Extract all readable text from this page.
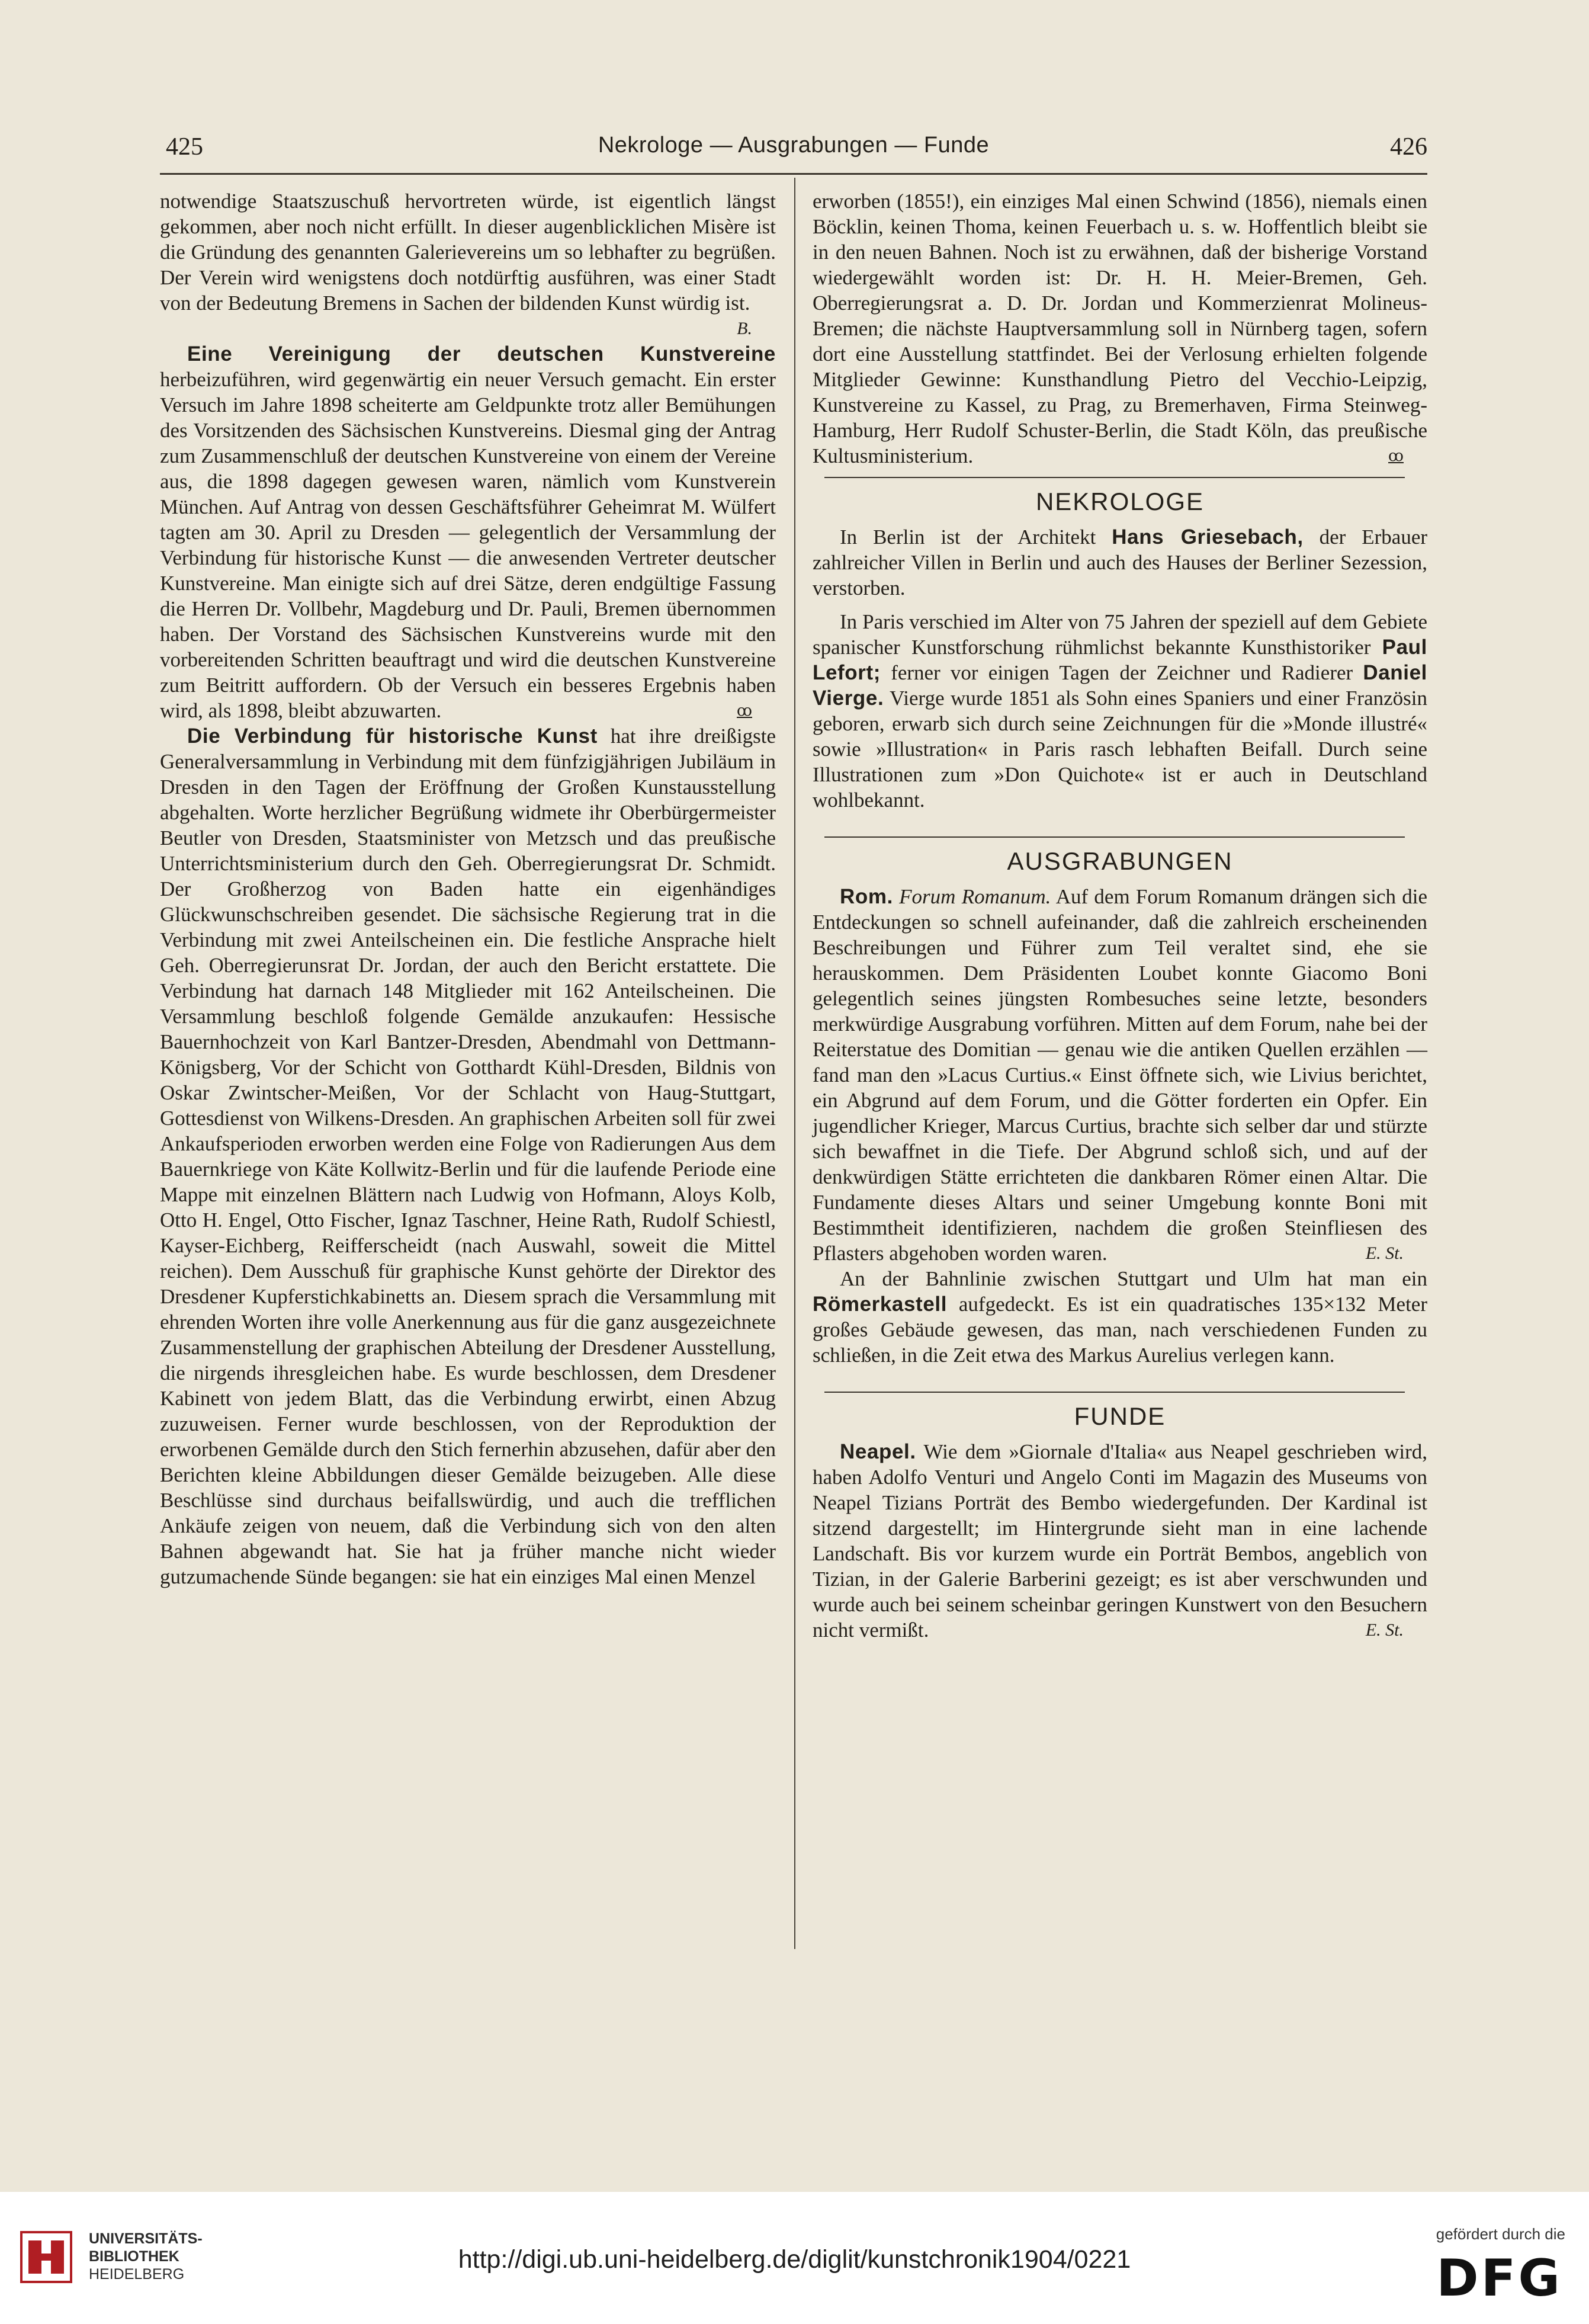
425	Nekrologe — Ausgrabungen — Funde	426

notwendige Staatszuschuß hervortreten würde, ist eigentlich längst gekommen, aber noch nicht erfüllt. In dieser augenblicklichen Misère ist die Gründung des genannten Galerievereins um so lebhafter zu begrüßen. Der Verein wird wenigstens doch notdürftig ausführen, was einer Stadt von der Bedeutung Bremens in Sachen der bildenden Kunst würdig ist.
B.

Eine Vereinigung der deutschen Kunstvereine herbeizuführen, wird gegenwärtig ein neuer Versuch gemacht. Ein erster Versuch im Jahre 1898 scheiterte am Geldpunkte trotz aller Bemühungen des Vorsitzenden des Sächsischen Kunstvereins. Diesmal ging der Antrag zum Zusammenschluß der deutschen Kunstvereine von einem der Vereine aus, die 1898 dagegen gewesen waren, nämlich vom Kunstverein München. Auf Antrag von dessen Geschäftsführer Geheimrat M. Wülfert tagten am 30. April zu Dresden — gelegentlich der Versammlung der Verbindung für historische Kunst — die anwesenden Vertreter deutscher Kunstvereine. Man einigte sich auf drei Sätze, deren endgültige Fassung die Herren Dr. Vollbehr, Magdeburg und Dr. Pauli, Bremen übernommen haben. Der Vorstand des Sächsischen Kunstvereins wurde mit den vorbereitenden Schritten beauftragt und wird die deutschen Kunstvereine zum Beitritt auffordern. Ob der Versuch ein besseres Ergebnis haben wird, als 1898, bleibt abzuwarten.	ꝏ

Die Verbindung für historische Kunst hat ihre dreißigste Generalversammlung in Verbindung mit dem fünfzigjährigen Jubiläum in Dresden in den Tagen der Eröffnung der Großen Kunstausstellung abgehalten. Worte herzlicher Begrüßung widmete ihr Oberbürgermeister Beutler von Dresden, Staatsminister von Metzsch und das preußische Unterrichtsministerium durch den Geh. Oberregierungsrat Dr. Schmidt. Der Großherzog von Baden hatte ein eigenhändiges Glückwunschschreiben gesendet. Die sächsische Regierung trat in die Verbindung mit zwei Anteilscheinen ein. Die festliche Ansprache hielt Geh. Oberregierunsrat Dr. Jordan, der auch den Bericht erstattete. Die Verbindung hat darnach 148 Mitglieder mit 162 Anteilscheinen. Die Versammlung beschloß folgende Gemälde anzukaufen: Hessische Bauernhochzeit von Karl Bantzer-Dresden, Abendmahl von Dettmann-Königsberg, Vor der Schicht von Gotthardt Kühl-Dresden, Bildnis von Oskar Zwintscher-Meißen, Vor der Schlacht von Haug-Stuttgart, Gottesdienst von Wilkens-Dresden. An graphischen Arbeiten soll für zwei Ankaufsperioden erworben werden eine Folge von Radierungen Aus dem Bauernkriege von Käte Kollwitz-Berlin und für die laufende Periode eine Mappe mit einzelnen Blättern nach Ludwig von Hofmann, Aloys Kolb, Otto H. Engel, Otto Fischer, Ignaz Taschner, Heine Rath, Rudolf Schiestl, Kayser-Eichberg, Reifferscheidt (nach Auswahl, soweit die Mittel reichen). Dem Ausschuß für graphische Kunst gehörte der Direktor des Dresdener Kupferstichkabinetts an. Diesem sprach die Versammlung mit ehrenden Worten ihre volle Anerkennung aus für die ganz ausgezeichnete Zusammenstellung der graphischen Abteilung der Dresdener Ausstellung, die nirgends ihresgleichen habe. Es wurde beschlossen, dem Dresdener Kabinett von jedem Blatt, das die Verbindung erwirbt, einen Abzug zuzuweisen. Ferner wurde beschlossen, von der Reproduktion der erworbenen Gemälde durch den Stich fernerhin abzusehen, dafür aber den Berichten kleine Abbildungen dieser Gemälde beizugeben. Alle diese Beschlüsse sind durchaus beifallswürdig, und auch die trefflichen Ankäufe zeigen von neuem, daß die Verbindung sich von den alten Bahnen abgewandt hat. Sie hat ja früher manche nicht wieder gutzumachende Sünde begangen: sie hat ein einziges Mal einen Menzel

erworben (1855!), ein einziges Mal einen Schwind (1856), niemals einen Böcklin, keinen Thoma, keinen Feuerbach u. s. w. Hoffentlich bleibt sie in den neuen Bahnen. Noch ist zu erwähnen, daß der bisherige Vorstand wiedergewählt worden ist: Dr. H. H. Meier-Bremen, Geh. Oberregierungsrat a. D. Dr. Jordan und Kommerzienrat Molineus-Bremen; die nächste Hauptversammlung soll in Nürnberg tagen, sofern dort eine Ausstellung stattfindet. Bei der Verlosung erhielten folgende Mitglieder Gewinne: Kunsthandlung Pietro del Vecchio-Leipzig, Kunstvereine zu Kassel, zu Prag, zu Bremerhaven, Firma Steinweg-Hamburg, Herr Rudolf Schuster-Berlin, die Stadt Köln, das preußische Kultusministerium.	ꝏ

NEKROLOGE

In Berlin ist der Architekt Hans Griesebach, der Erbauer zahlreicher Villen in Berlin und auch des Hauses der Berliner Sezession, verstorben.

In Paris verschied im Alter von 75 Jahren der speziell auf dem Gebiete spanischer Kunstforschung rühmlichst bekannte Kunsthistoriker Paul Lefort; ferner vor einigen Tagen der Zeichner und Radierer Daniel Vierge. Vierge wurde 1851 als Sohn eines Spaniers und einer Französin geboren, erwarb sich durch seine Zeichnungen für die »Monde illustré« sowie »Illustration« in Paris rasch lebhaften Beifall. Durch seine Illustrationen zum »Don Quichote« ist er auch in Deutschland wohlbekannt.

AUSGRABUNGEN

Rom. Forum Romanum. Auf dem Forum Romanum drängen sich die Entdeckungen so schnell aufeinander, daß die zahlreich erscheinenden Beschreibungen und Führer zum Teil veraltet sind, ehe sie herauskommen. Dem Präsidenten Loubet konnte Giacomo Boni gelegentlich seines jüngsten Rombesuches seine letzte, besonders merkwürdige Ausgrabung vorführen. Mitten auf dem Forum, nahe bei der Reiterstatue des Domitian — genau wie die antiken Quellen erzählen — fand man den »Lacus Curtius.« Einst öffnete sich, wie Livius berichtet, ein Abgrund auf dem Forum, und die Götter forderten ein Opfer. Ein jugendlicher Krieger, Marcus Curtius, brachte sich selber dar und stürzte sich bewaffnet in die Tiefe. Der Abgrund schloß sich, und auf der denkwürdigen Stätte errichteten die dankbaren Römer einen Altar. Die Fundamente dieses Altars und seiner Umgebung konnte Boni mit Bestimmtheit identifizieren, nachdem die großen Steinfliesen des Pflasters abgehoben worden waren.	E. St.

An der Bahnlinie zwischen Stuttgart und Ulm hat man ein Römerkastell aufgedeckt. Es ist ein quadratisches 135×132 Meter großes Gebäude gewesen, das man, nach verschiedenen Funden zu schließen, in die Zeit etwa des Markus Aurelius verlegen kann.

FUNDE

Neapel. Wie dem »Giornale d'Italia« aus Neapel geschrieben wird, haben Adolfo Venturi und Angelo Conti im Magazin des Museums von Neapel Tizians Porträt des Bembo wiedergefunden. Der Kardinal ist sitzend dargestellt; im Hintergrunde sieht man in eine lachende Landschaft. Bis vor kurzem wurde ein Porträt Bembos, angeblich von Tizian, in der Galerie Barberini gezeigt; es ist aber verschwunden und wurde auch bei seinem scheinbar geringen Kunstwert von den Besuchern nicht vermißt.	E. St.

UNIVERSITÄTS-
BIBLIOTHEK
HEIDELBERG
http://digi.ub.uni-heidelberg.de/diglit/kunstchronik1904/0221
gefördert durch die
DFG
